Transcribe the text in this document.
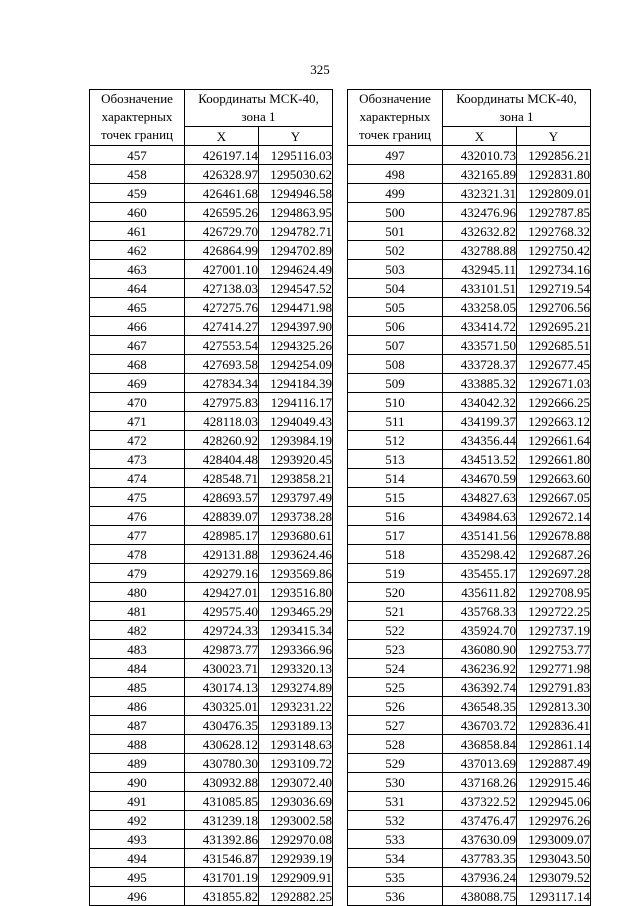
325
Обозначение
характерных
точек границ	Координаты МСК-40,
зона 1	
	X	Y
457	426197.14	1295116.03
458	426328.97	1295030.62
459	426461.68	1294946.58
460	426595.26	1294863.95
461	426729.70	1294782.71
462	426864.99	1294702.89
463	427001.10	1294624.49
464	427138.03	1294547.52
465	427275.76	1294471.98
466	427414.27	1294397.90
467	427553.54	1294325.26
468	427693.58	1294254.09
469	427834.34	1294184.39
470	427975.83	1294116.17
471	428118.03	1294049.43
472	428260.92	1293984.19
473	428404.48	1293920.45
474	428548.71	1293858.21
475	428693.57	1293797.49
476	428839.07	1293738.28
477	428985.17	1293680.61
478	429131.88	1293624.46
479	429279.16	1293569.86
480	429427.01	1293516.80
481	429575.40	1293465.29
482	429724.33	1293415.34
483	429873.77	1293366.96
484	430023.71	1293320.13
485	430174.13	1293274.89
486	430325.01	1293231.22
487	430476.35	1293189.13
488	430628.12	1293148.63
489	430780.30	1293109.72
490	430932.88	1293072.40
491	431085.85	1293036.69
492	431239.18	1293002.58
493	431392.86	1292970.08
494	431546.87	1292939.19
495	431701.19	1292909.91
496	431855.82	1292882.25
Обозначение
характерных
точек границ	Координаты МСК-40,
зона 1	
	X	Y
497	432010.73	1292856.21
498	432165.89	1292831.80
499	432321.31	1292809.01
500	432476.96	1292787.85
501	432632.82	1292768.32
502	432788.88	1292750.42
503	432945.11	1292734.16
504	433101.51	1292719.54
505	433258.05	1292706.56
506	433414.72	1292695.21
507	433571.50	1292685.51
508	433728.37	1292677.45
509	433885.32	1292671.03
510	434042.32	1292666.25
511	434199.37	1292663.12
512	434356.44	1292661.64
513	434513.52	1292661.80
514	434670.59	1292663.60
515	434827.63	1292667.05
516	434984.63	1292672.14
517	435141.56	1292678.88
518	435298.42	1292687.26
519	435455.17	1292697.28
520	435611.82	1292708.95
521	435768.33	1292722.25
522	435924.70	1292737.19
523	436080.90	1292753.77
524	436236.92	1292771.98
525	436392.74	1292791.83
526	436548.35	1292813.30
527	436703.72	1292836.41
528	436858.84	1292861.14
529	437013.69	1292887.49
530	437168.26	1292915.46
531	437322.52	1292945.06
532	437476.47	1292976.26
533	437630.09	1293009.07
534	437783.35	1293043.50
535	437936.24	1293079.52
536	438088.75	1293117.14
